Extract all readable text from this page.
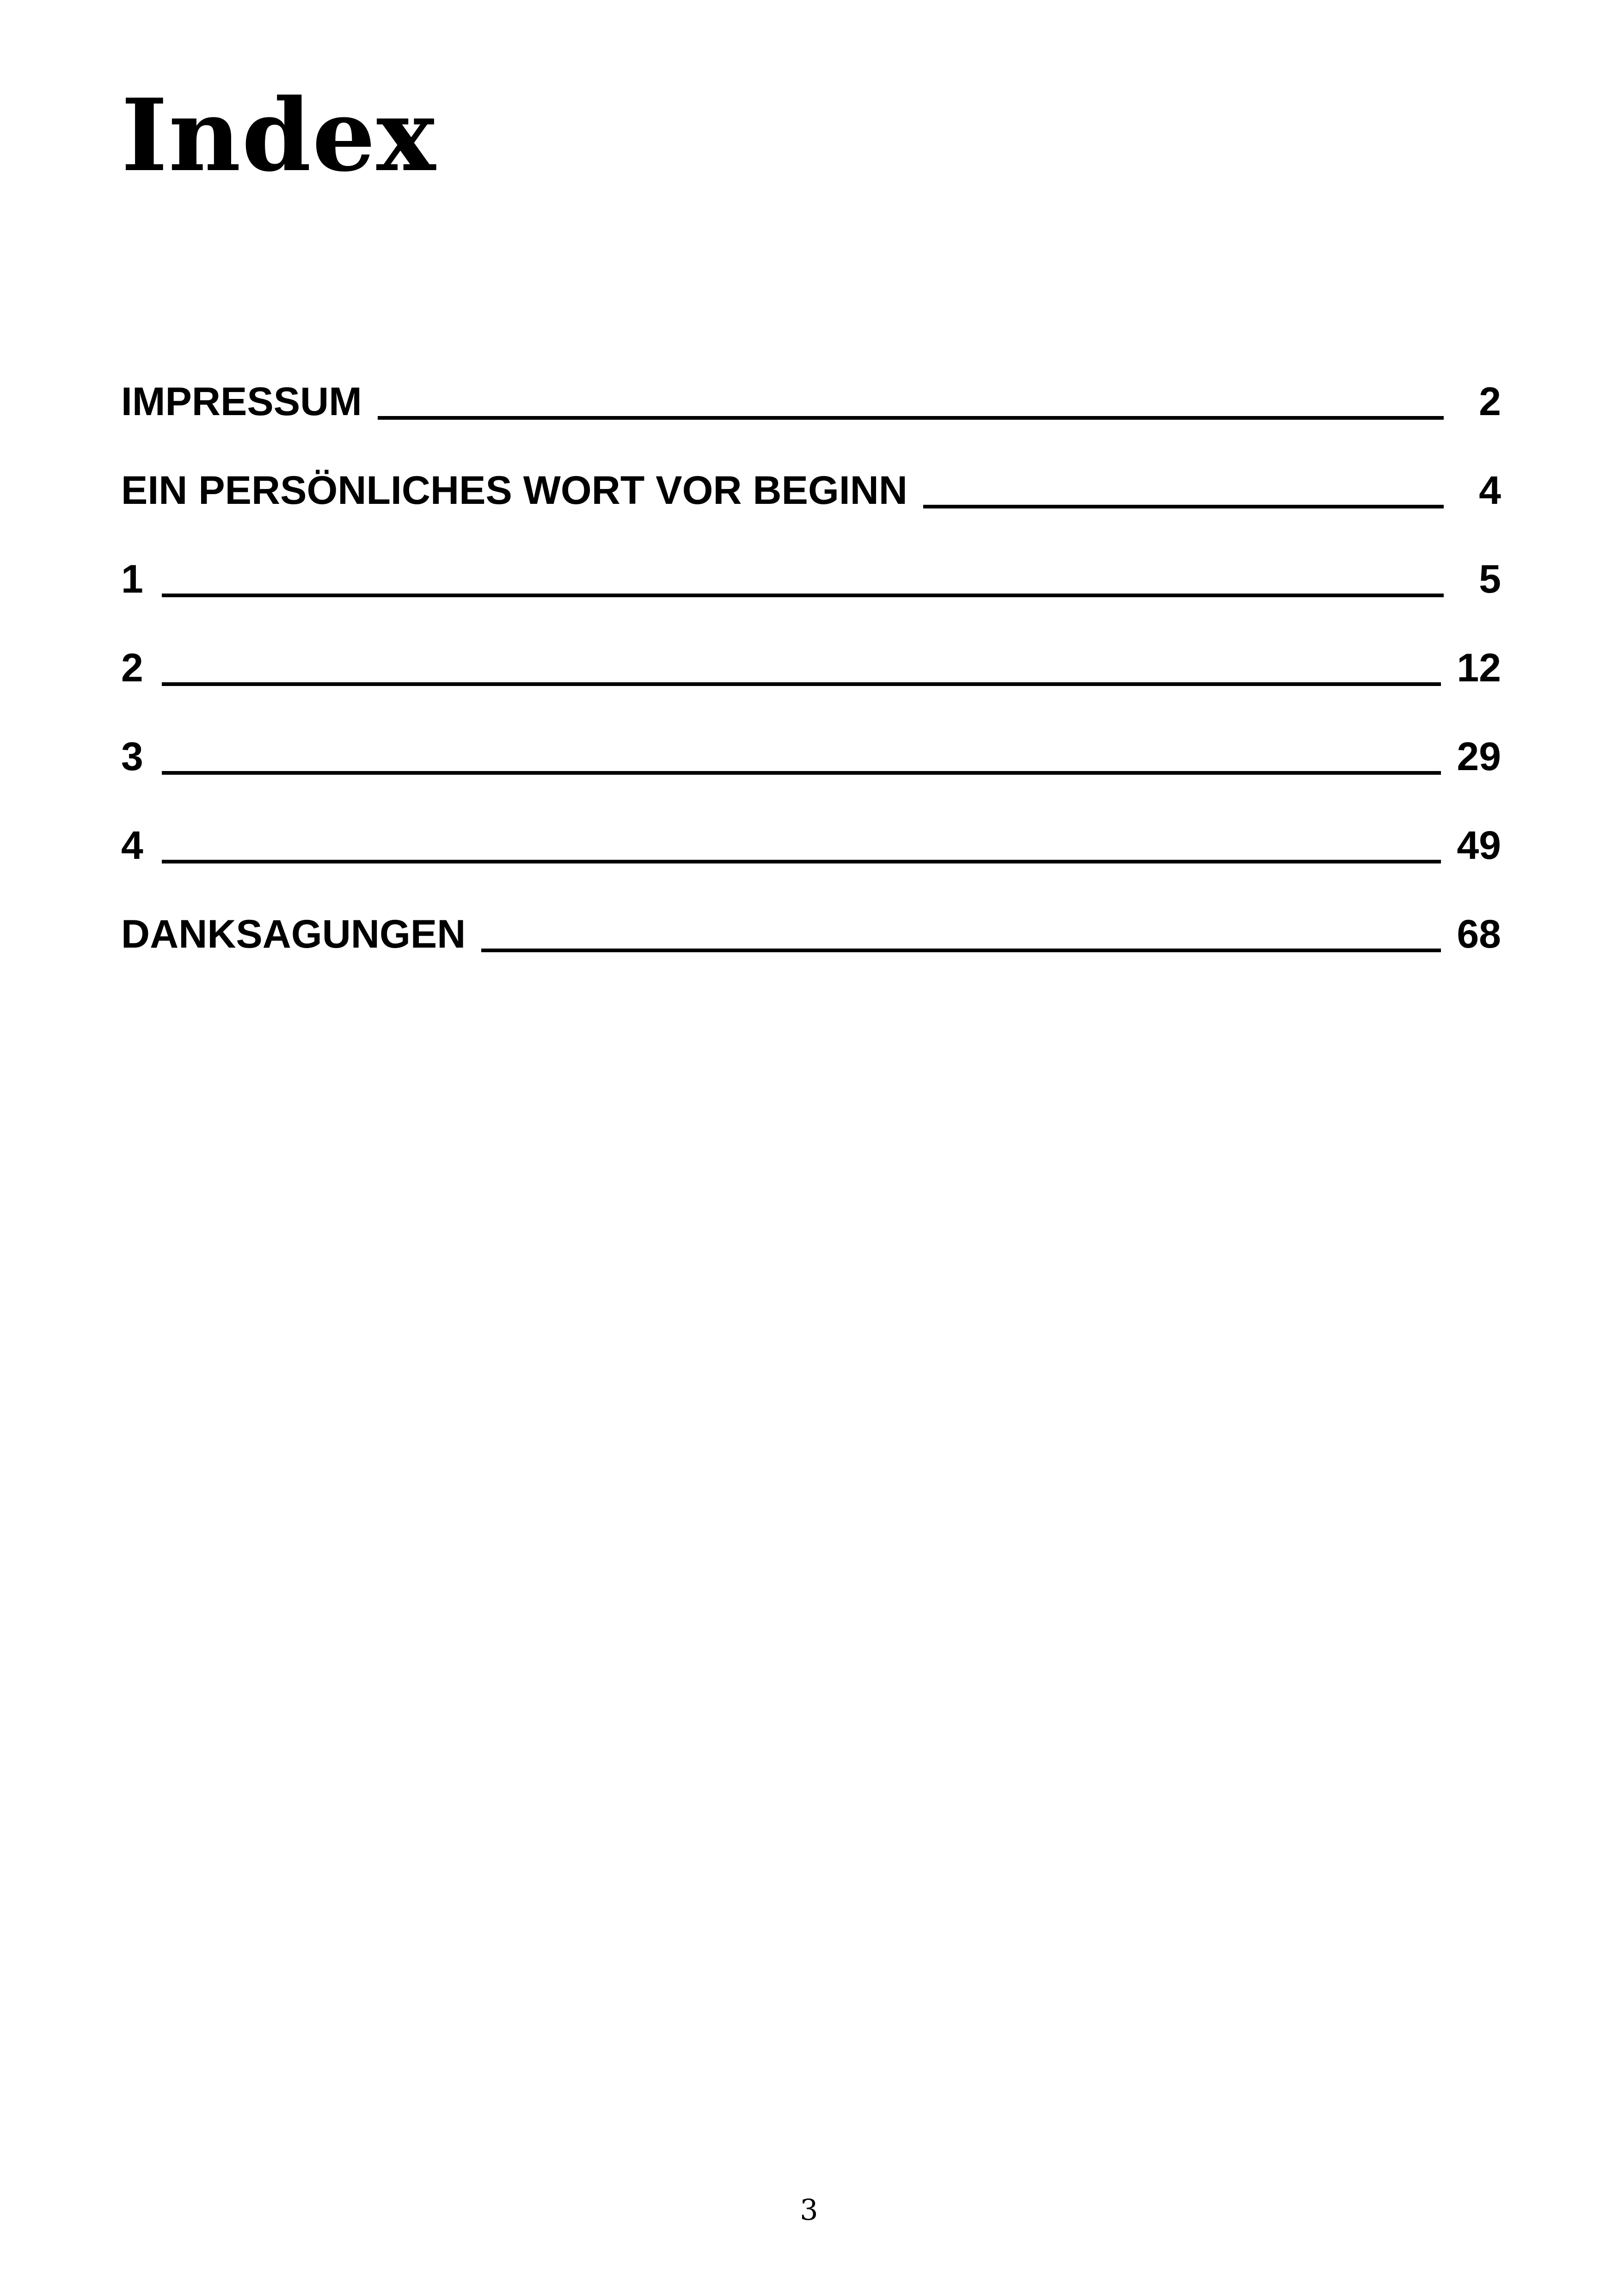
Index
IMPRESSUM	2
EIN PERSÖNLICHES WORT VOR BEGINN	4
1	5
2	12
3	29
4	49
DANKSAGUNGEN	68
3
